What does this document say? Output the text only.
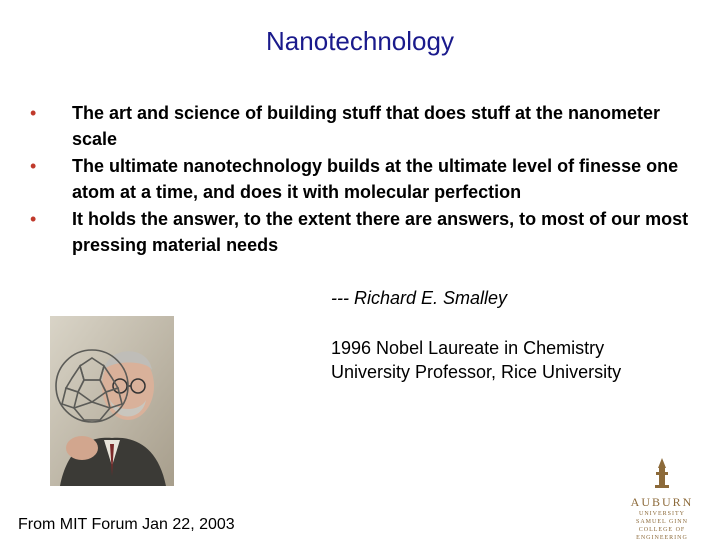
Nanotechnology
•	The art and science of building stuff that does stuff at the nanometer scale
•	The ultimate nanotechnology builds at the ultimate level of finesse one atom at a time, and does it with molecular perfection
•	It holds the answer, to the extent there are answers, to most of our most pressing material needs
--- Richard E. Smalley
1996 Nobel Laureate in Chemistry
University Professor, Rice University
From MIT Forum Jan 22, 2003
AUBURN
UNIVERSITY
SAMUEL GINN
COLLEGE OF ENGINEERING
